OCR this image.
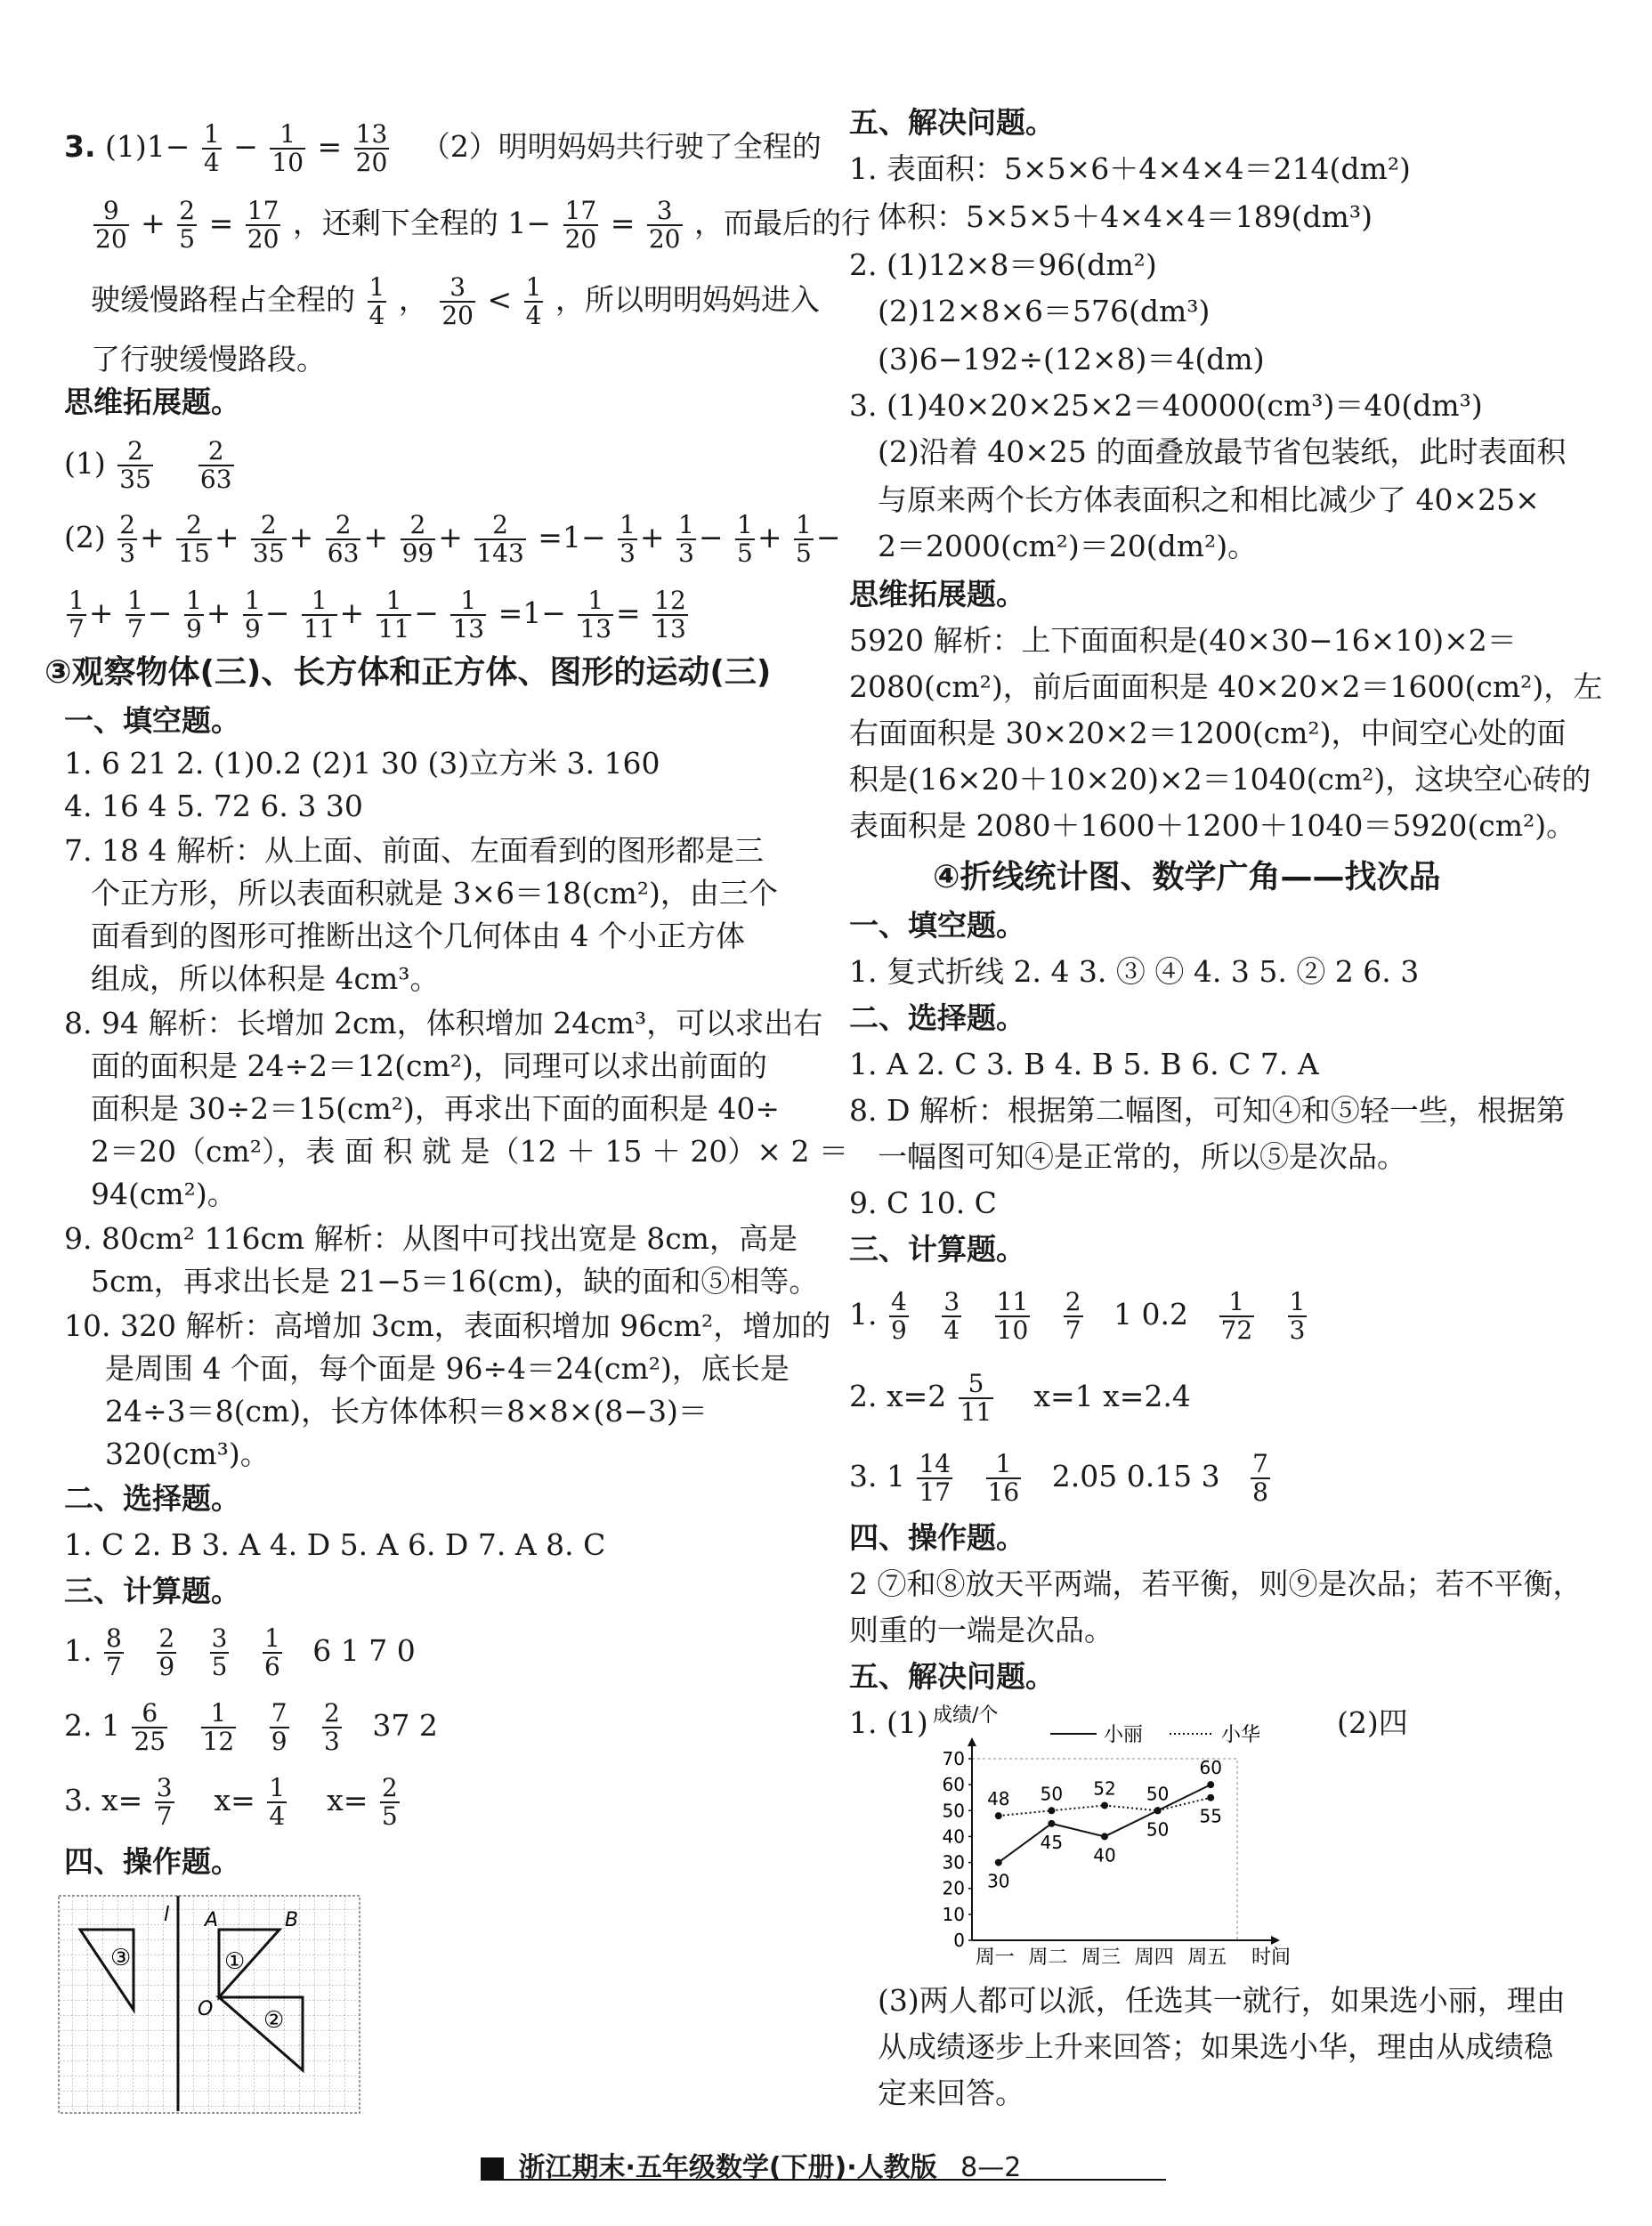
3. $(1)1- \frac{1}{4} - \frac{1}{10} = \frac{13}{20} (2)$明明妈妈共行驶了全程的
$\frac{9}{20} + \frac{2}{5} = \frac{17}{20}$ ，还剩下全程的 $1- \frac{17}{20} = \frac{3}{20}$ ，而最后的行
驶缓慢路程占全程的 $\frac{1}{4}$ ， $\frac{3}{20} < \frac{1}{4}$ ，所以明明妈妈进入
了行驶缓慢路段。
思维拓展题。
$(1) \frac{2}{35}$
$\frac{2}{63}$
$(2) \frac{2}{3} + \frac{2}{15} + \frac{2}{35} + \frac{2}{63} + \frac{2}{99} + \frac{2}{143} =1- \frac{1}{3} + \frac{1}{3} - \frac{1}{5} + \frac{1}{5}$ −
$\frac{1}{7} + \frac{1}{7} - \frac{1}{9} + \frac{1}{9} - \frac{1}{11} + \frac{1}{11} - \frac{1}{13} =1- \frac{1}{13} = \frac{12}{13}$
③观察物体(三)、长方体和正方体、图形的运动(三)
一、填空题。
1. 6 21 2. (1)0.2 (2)1 30 (3)立方米 3. 160
4. 16 4 5. 72 6. 3 30
7. 18 4 解析：从上面、前面、左面看到的图形都是三
个正方形，所以表面积就是 3×6＝18(cm²)，由三个
面看到的图形可推断出这个几何体由 4 个小正方体
组成，所以体积是 4cm³。
8. 94 解析：长增加 2cm，体积增加 24cm³，可以求出右
面的面积是 24÷2＝12(cm²)，同理可以求出前面的
面积是 30÷2＝15(cm²)，再求出下面的面积是 40÷
2＝20（cm²），表 面 积 就 是（12 ＋ 15 ＋ 20）× 2 ＝
94(cm²)。
9. 80cm² 116cm 解析：从图中可找出宽是 8cm，高是
5cm，再求出长是 21−5＝16(cm)，缺的面和⑤相等。
10. 320 解析：高增加 3cm，表面积增加 96cm²，增加的
是周围 4 个面，每个面是 96÷4＝24(cm²)，底长是
24÷3＝8(cm)，长方体体积＝8×8×(8−3)＝
320(cm³)。
二、选择题。
1. C 2. B 3. A 4. D 5. A 6. D 7. A 8. C
三、计算题。
1. $\frac{8}{7}$
$\frac{2}{9}$
$\frac{3}{5}$
$\frac{1}{6} 6$ 1 7 0
2. $1 \frac{6}{25}$
$\frac{1}{12}$
$\frac{7}{9}$
$\frac{2}{3} 37$ 2
3. $x= \frac{3}{7} x= \frac{1}{4} x= \frac{2}{5}$
四、操作题。
l A	B
③	①
O ②
五、解决问题。
1. 表面积：5×5×6＋4×4×4＝214(dm²)
体积：5×5×5＋4×4×4＝189(dm³)
2. (1)12×8＝96(dm²)
(2)12×8×6＝576(dm³)
(3)6−192÷(12×8)＝4(dm)
3. (1)40×20×25×2＝40000(cm³)＝40(dm³)
(2)沿着 40×25 的面叠放最节省包装纸，此时表面积
与原来两个长方体表面积之和相比减少了 40×25×
2＝2000(cm²)＝20(dm²)。
思维拓展题。
5920 解析：上下面面积是(40×30−16×10)×2＝
2080(cm²)，前后面面积是 40×20×2＝1600(cm²)，左
右面面积是 30×20×2＝1200(cm²)，中间空心处的面
积是(16×20＋10×20)×2＝1040(cm²)，这块空心砖的
表面积是 2080＋1600＋1200＋1040＝5920(cm²)。
④折线统计图、数学广角——找次品
一、填空题。
1. 复式折线 2. 4 3. ③ ④ 4. 3 5. ② 2 6. 3
二、选择题。
1. A 2. C 3. B 4. B 5. B 6. C 7. A
8. D 解析：根据第二幅图，可知④和⑤轻一些，根据第
一幅图可知④是正常的，所以⑤是次品。
9. C 10. C
三、计算题。
1. $\frac{4}{9}$
$\frac{3}{4}$
$\frac{11}{10}$
$\frac{2}{7} 1$ $0.2 \frac{1}{72}$
$\frac{1}{3}$
2. $x=2 \frac{5}{11} x=1$ x=2.4
3. $1 \frac{14}{17}$
$\frac{1}{16} 2.05$ 0.15 $3 \frac{7}{8}$
四、操作题。
2 ⑦和⑧放天平两端，若平衡，则⑨是次品；若不平衡，
则重的一端是次品。
五、解决问题。
1. (1)	(2)四
成绩/个
小丽	小华
时间
0
10
20
30
40
50
60
70
周一 周二 周三 周四 周五
30
45
40
50
60
48 50 52 50
55
(3)两人都可以派，任选其一就行，如果选小丽，理由
从成绩逐步上升来回答；如果选小华，理由从成绩稳
定来回答。
浙江期末·五年级数学(下册)·人教版 8—2
